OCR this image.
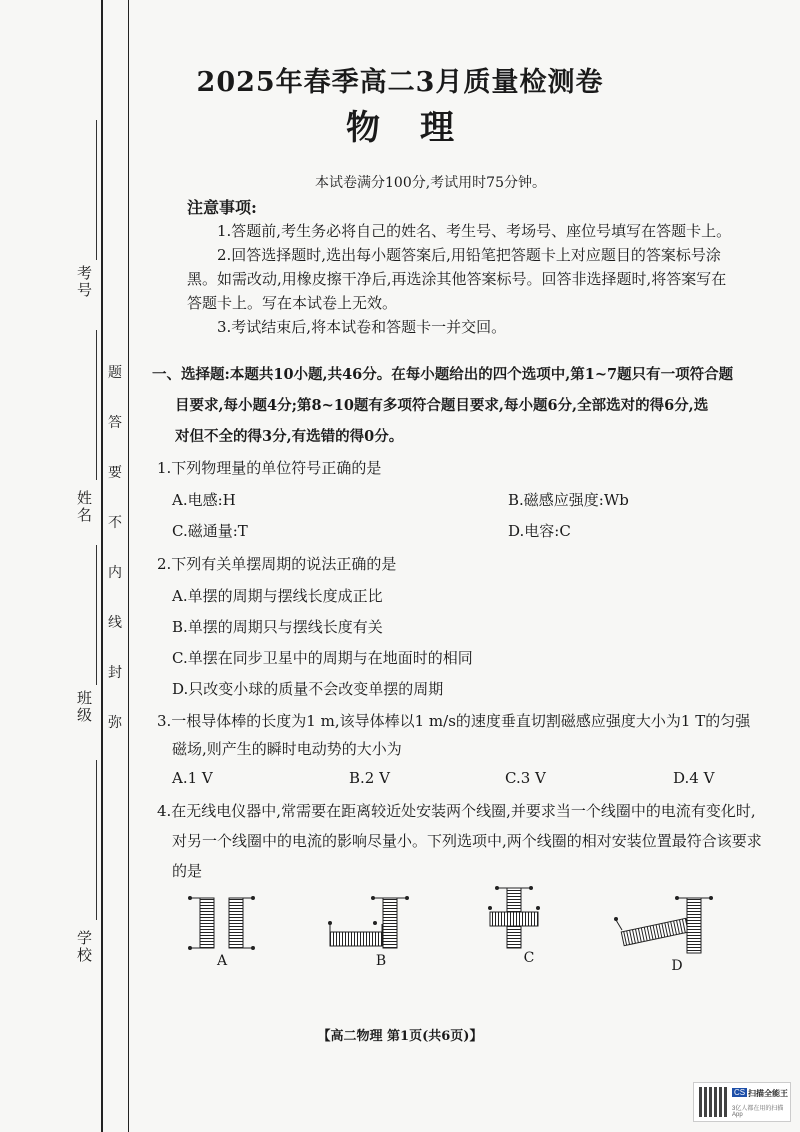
考号
姓名
班级
学校
题
答
要
不
内
线
封
弥
2025年春季高二3月质量检测卷
物理
本试卷满分100分,考试用时75分钟。
注意事项:
1.答题前,考生务必将自己的姓名、考生号、考场号、座位号填写在答题卡上。
2.回答选择题时,选出每小题答案后,用铅笔把答题卡上对应题目的答案标号涂
黑。如需改动,用橡皮擦干净后,再选涂其他答案标号。回答非选择题时,将答案写在
答题卡上。写在本试卷上无效。
3.考试结束后,将本试卷和答题卡一并交回。
一、选择题:本题共10小题,共46分。在每小题给出的四个选项中,第1~7题只有一项符合题
目要求,每小题4分;第8~10题有多项符合题目要求,每小题6分,全部选对的得6分,选
对但不全的得3分,有选错的得0分。
1.下列物理量的单位符号正确的是
A.电感:H	B.磁感应强度:Wb
C.磁通量:T	D.电容:C
2.下列有关单摆周期的说法正确的是
A.单摆的周期与摆线长度成正比
B.单摆的周期只与摆线长度有关
C.单摆在同步卫星中的周期与在地面时的相同
D.只改变小球的质量不会改变单摆的周期
3.一根导体棒的长度为1 m,该导体棒以1 m/s的速度垂直切割磁感应强度大小为1 T的匀强
磁场,则产生的瞬时电动势的大小为
A.1 V	B.2 V	C.3 V	D.4 V
4.在无线电仪器中,常需要在距离较近处安装两个线圈,并要求当一个线圈中的电流有变化时,
对另一个线圈中的电流的影响尽量小。下列选项中,两个线圈的相对安装位置最符合该要求
的是
A	B	C	D
【高二物理 第1页(共6页)】
CS 扫描全能王
3亿人都在用的扫描App
